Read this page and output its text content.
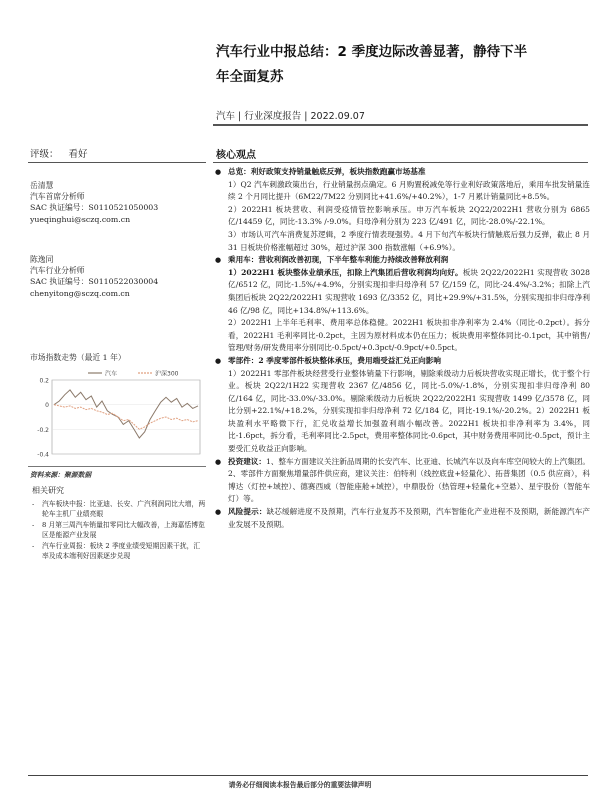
汽车行业中报总结：2 季度边际改善显著，静待下半
年全面复苏
汽车 | 行业深度报告 | 2022.09.07
评级： 看好	核心观点
岳清慧
汽车首席分析师
SAC 执证编号：S0110521050003
yueqinghui@sczq.com.cn
陈逸同
汽车行业分析师
SAC 执证编号：S0110522030004
chenyitong@sczq.com.cn
市场指数走势（最近 1 年）
0.2
0
-0.2
-0.4
汽车	沪深300
资料来源：聚源数据
相关研究
- 汽车板块中报：比亚迪、长安、广汽利润同比大增，两轮车主机厂业绩亮眼
- 8 月第三周汽车销量扣零同比大幅改善，上海嘉恬博览区是能源产业发展
- 汽车行业周报：板块 2 季度业绩受短期因素干扰，汇率及成本端利好因素逐步兑现

● 总览：利好政策支持销量触底反弹，板块指数跑赢市场基准
1）Q2 汽车刺激政策出台，行业销量拐点确定。6 月购置税减免等行业利好政策落地后，乘用车批发销量连续 2 个月同比提升（6M22/7M22 分别同比+41.6%/+40.2%），1-7 月累计销量同比+8.5%。
2）2022H1 板块营收、利润受疫情管控影响承压。申万汽车板块 2Q22/2022H1 营收分别为 6865 亿/14459 亿，同比-13.3% /-9.0%。归母净利分别为 223 亿/491 亿，同比-28.0%/-22.1%。
3）市场认可汽车消费复苏逻辑，2 季度行情表现强势。4 月下旬汽车板块行情触底后强力反弹，截止 8 月 31 日板块价格涨幅超过 30%，超过沪深 300 指数涨幅（+6.9%）。

● 乘用车：营收利润改善初现，下半年整车利能力持续改善释放利润
1）2022H1 板块整体业绩承压，扣除上汽集团后营收利润均向好。板块 2Q22/2022H1 实现营收 3028 亿/6512 亿，同比-1.5%/+4.9%，分别实现扣非归母净利 57 亿/159 亿，同比-24.4%/-3.2%；扣除上汽集团后板块 2Q22/2022H1 实现营收 1693 亿/3352 亿，同比+29.9%/+31.5%，分别实现扣非归母净利 46 亿/98 亿，同比+134.8%/+113.6%。
2）2022H1 上半年毛利率、费用率总体稳健。2022H1 板块扣非净利率为 2.4%（同比-0.2pct）。拆分看，2022H1 毛利率同比-0.2pct，主因为原材料成本仍在压力；板块费用率整体同比-0.1pct，其中销售/管理/财务/研发费用率分别同比-0.5pct/+0.3pct/-0.9pct/+0.5pct。

● 零部件：2 季度零部件板块整体承压，费用端受益汇兑正向影响
1）2022H1 零部件板块经营受行业整体销量下行影响，剔除乘级动力后板块营收实现正增长，优于整个行业。板块 2Q22/1H22 实现营收 2367 亿/4856 亿，同比-5.0%/-1.8%，分别实现扣非归母净利 80 亿/164 亿，同比-33.0%/-33.0%。剔除乘级动力后板块 2Q22/2022H1 实现营收 1499 亿/3578 亿，同比分别+22.1%/+18.2%，分别实现扣非归母净利 72 亿/184 亿，同比-19.1%/-20.2%。2）2022H1 板块盈利水平略微下行，汇兑收益增长加强盈利端小幅改善。2022H1 板块扣非净利率为 3.4%，同比-1.6pct，拆分看，毛利率同比-2.5pct，费用率整体同比-0.6pct，其中财务费用率同比-0.5pct，预计主要受汇兑收益正向影响。

● 投资建议：1、整车方面建议关注新品周期的长安汽车、比亚迪、长城汽车以及向车库空间较大的上汽集团。2、零部件方面聚焦增量部件供应商，建议关注：伯特利（线控底盘+轻量化）、拓普集团（0.5 供应商），科博达（灯控+域控）、德赛西威（智能座舱+域控），中鼎股份（热管理+轻量化+空悬）、星宇股份（智能车灯）等。

● 风险提示：缺芯缓解进度不及预期，汽车行业复苏不及预期，汽车智能化产业进程不及预期，新能源汽车产业发展不及预期。

请务必仔细阅读本报告最后部分的重要法律声明
